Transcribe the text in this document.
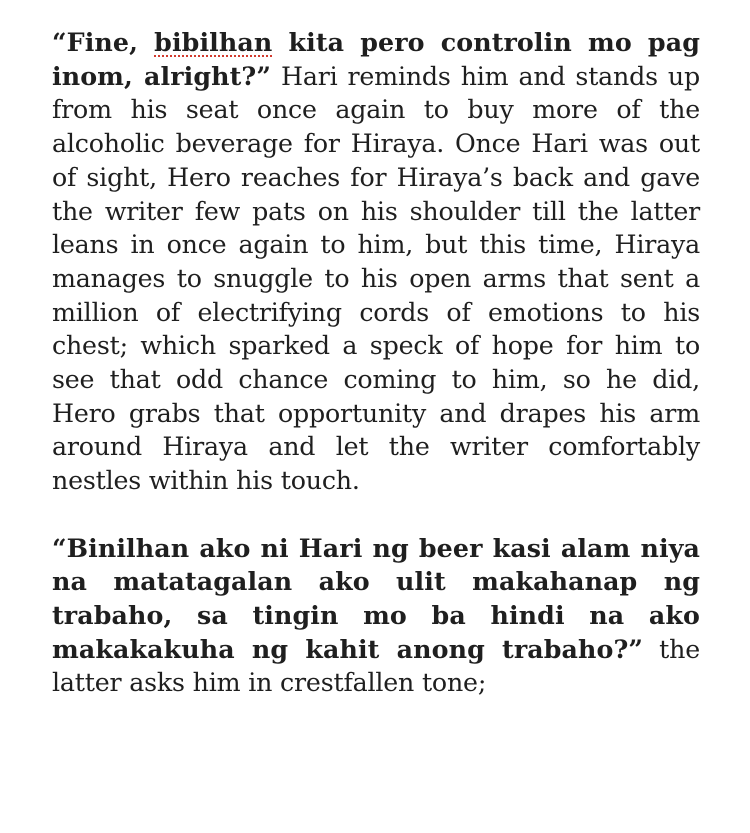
“Fine, bibilhan kita pero controlin mo pag inom, alright?” Hari reminds him and stands up from his seat once again to buy more of the alcoholic beverage for Hiraya. Once Hari was out of sight, Hero reaches for Hiraya’s back and gave the writer few pats on his shoulder till the latter leans in once again to him, but this time, Hiraya manages to snuggle to his open arms that sent a million of electrifying cords of emotions to his chest; which sparked a speck of hope for him to see that odd chance coming to him, so he did, Hero grabs that opportunity and drapes his arm around Hiraya and let the writer comfortably nestles within his touch.

“Binilhan ako ni Hari ng beer kasi alam niya na matatagalan ako ulit makahanap ng trabaho, sa tingin mo ba hindi na ako makakakuha ng kahit anong trabaho?” the latter asks him in crestfallen tone;
